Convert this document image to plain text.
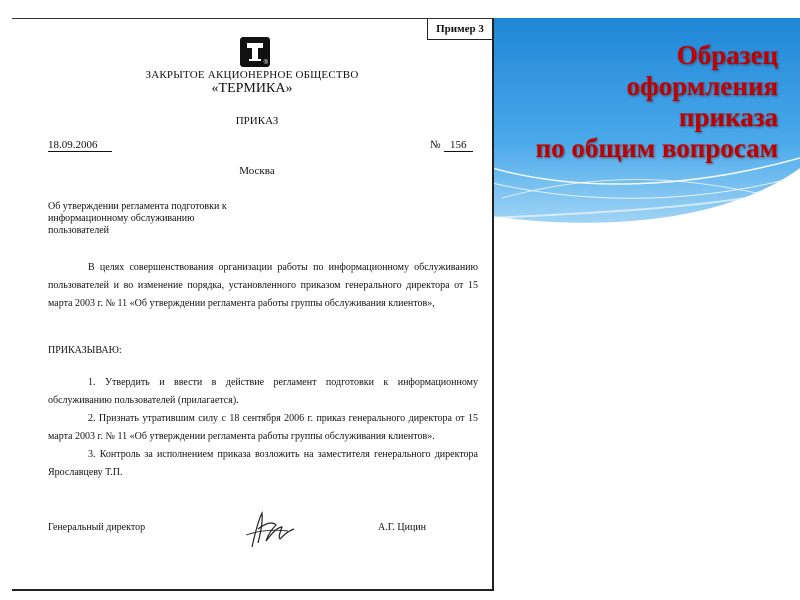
Образец
оформления
приказа
по общим вопросам
Пример 3
®
ЗАКРЫТОЕ АКЦИОНЕРНОЕ ОБЩЕСТВО
«ТЕРМИКА»
ПРИКАЗ
18.09.2006	№ 156
Москва
Об утверждении регламента подготовки к
информационному обслуживанию
пользователей
В целях совершенствования организации работы по информационному обслуживанию пользователей и во изменение порядка, установленного приказом генерального директора от 15 марта 2003 г. № 11 «Об утверждении регламента работы группы обслуживания клиентов»,
ПРИКАЗЫВАЮ:

1. Утвердить и ввести в действие регламент подготовки к информационному обслуживанию пользователей (прилагается).

2. Признать утратившим силу с 18 сентября 2006 г. приказ генерального директора от 15 марта 2003 г. № 11 «Об утверждении регламента работы группы обслуживания клиентов».

3. Контроль за исполнением приказа возложить на заместителя генерального директора Ярославцеву Т.П.

Генеральный директор	А.Г. Цицин
